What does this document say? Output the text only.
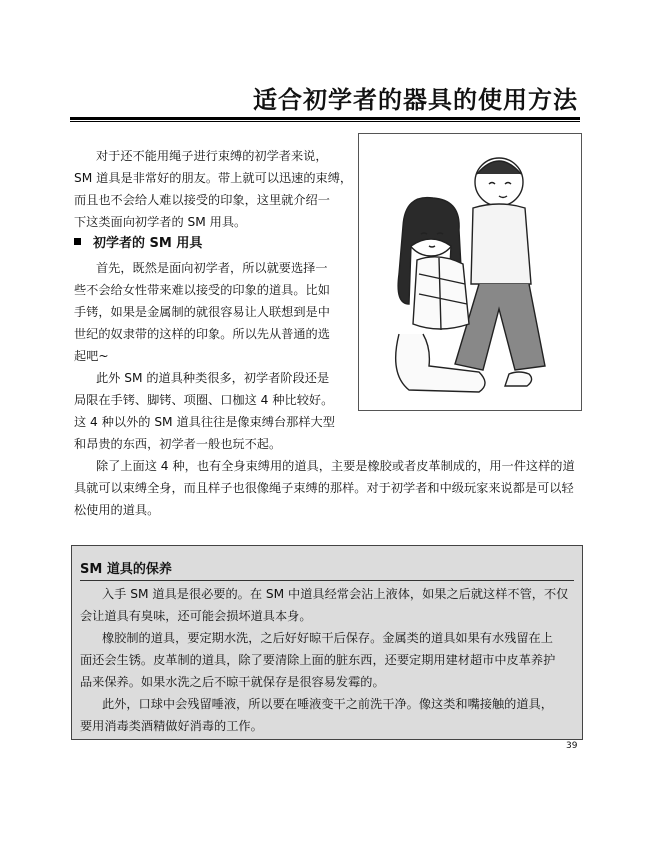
适合初学者的器具的使用方法

对于还不能用绳子进行束缚的初学者来说，

SM 道具是非常好的朋友。带上就可以迅速的束缚，

而且也不会给人难以接受的印象，这里就介绍一

下这类面向初学者的 SM 用具。

初学者的 SM 用具

首先，既然是面向初学者，所以就要选择一

些不会给女性带来难以接受的印象的道具。比如

手铐，如果是金属制的就很容易让人联想到是中

世纪的奴隶带的这样的印象。所以先从普通的选

起吧~

此外 SM 的道具种类很多，初学者阶段还是

局限在手铐、脚铐、项圈、口枷这 4 种比较好。

这 4 种以外的 SM 道具往往是像束缚台那样大型

和昂贵的东西，初学者一般也玩不起。

除了上面这 4 种，也有全身束缚用的道具，主要是橡胶或者皮革制成的，用一件这样的道

具就可以束缚全身，而且样子也很像绳子束缚的那样。对于初学者和中级玩家来说都是可以轻

松使用的道具。

SM 道具的保养

入手 SM 道具是很必要的。在 SM 中道具经常会沾上液体，如果之后就这样不管，不仅

会让道具有臭味，还可能会损坏道具本身。

橡胶制的道具，要定期水洗，之后好好晾干后保存。金属类的道具如果有水残留在上

面还会生锈。皮革制的道具，除了要清除上面的脏东西，还要定期用建材超市中皮革养护

品来保养。如果水洗之后不晾干就保存是很容易发霉的。

此外，口球中会残留唾液，所以要在唾液变干之前洗干净。像这类和嘴接触的道具，

要用消毒类酒精做好消毒的工作。

39
